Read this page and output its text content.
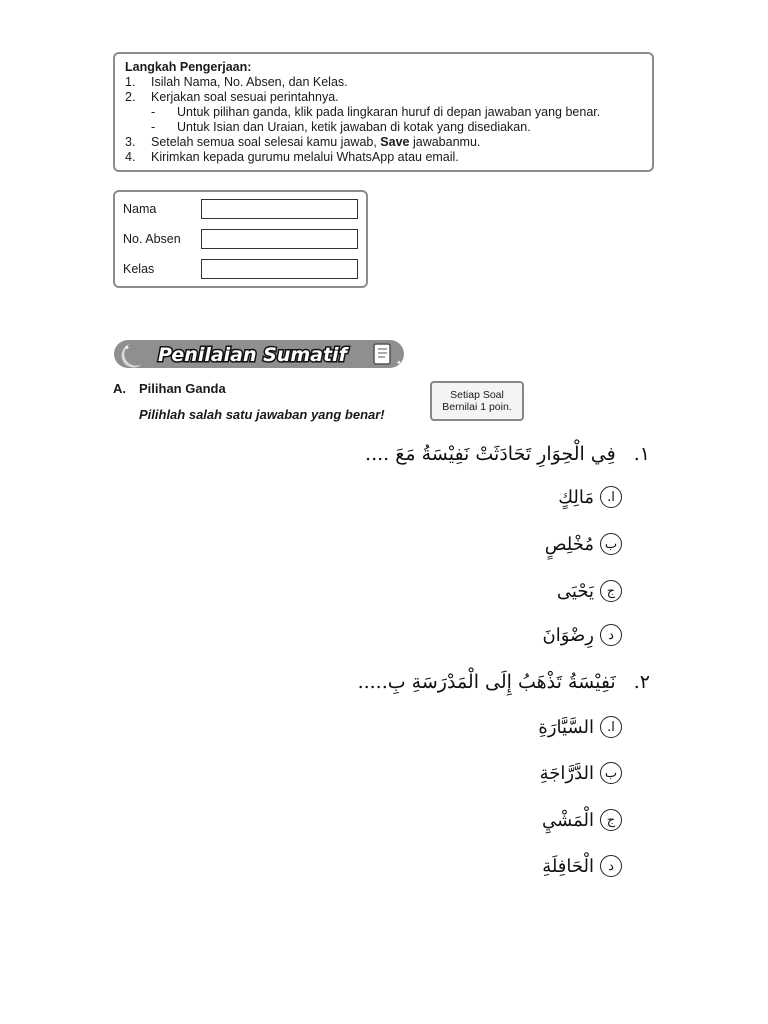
Langkah Pengerjaan:
1.	Isilah Nama, No. Absen, dan Kelas.
2.	Kerjakan soal sesuai perintahnya.
-	Untuk pilihan ganda, klik pada lingkaran huruf di depan jawaban yang benar.
-	Untuk Isian dan Uraian, ketik jawaban di kotak yang disediakan.
3.	Setelah semua soal selesai kamu jawab, Save jawabanmu.
4.	Kirimkan kepada gurumu melalui WhatsApp atau email.
Nama
No. Absen
Kelas
✱
✦
✦ Penilaian Sumatif
A. Pilihan Ganda
Pilihlah salah satu jawaban yang benar!
Setiap Soal
Bernilai 1 poin.
١.فِي الْحِوَارِ تَحَادَثَتْ نَفِيْسَةُ مَعَ ....
ا.
مَالِكٍ
ب
مُخْلِصٍ
ج
يَحْيَى
د
رِضْوَانَ
٢.نَفِيْسَةُ تَذْهَبُ إِلَى الْمَدْرَسَةِ بِ.....
ا.
السَّيَّارَةِ
ب
الدَّرَّاجَةِ
ج
الْمَشْيِ
د
الْحَافِلَةِ
